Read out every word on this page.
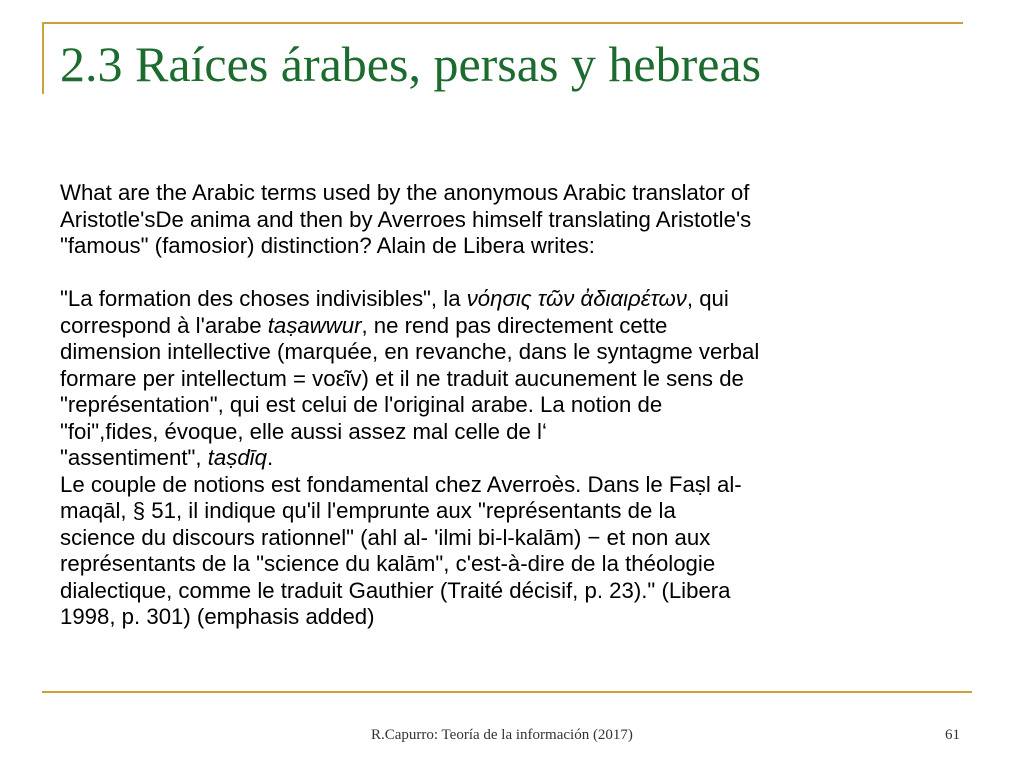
2.3 Raíces árabes, persas y hebreas

What are the Arabic terms used by the anonymous Arabic translator of
Aristotle'sDe anima and then by Averroes himself translating Aristotle's
"famous" (famosior) distinction? Alain de Libera writes:

"La formation des choses indivisibles", la νόησις τῶν ἀδιαιρέτων, qui
correspond à l'arabe taṣawwur, ne rend pas directement cette
dimension intellective (marquée, en revanche, dans le syntagme verbal
formare per intellectum = voεῖv) et il ne traduit aucunement le sens de
"représentation", qui est celui de l'original arabe. La notion de
"foi",fides, évoque, elle aussi assez mal celle de l‘
"assentiment", taṣdīq.

Le couple de notions est fondamental chez Averroès. Dans le Faṣl al-
maqāl, § 51, il indique qu'il l'emprunte aux "représentants de la
science du discours rationnel" (ahl al- 'ilmi bi-l-kalām) − et non aux
représentants de la "science du kalām", c'est-à-dire de la théologie
dialectique, comme le traduit Gauthier (Traité décisif, p. 23)." (Libera
1998, p. 301) (emphasis added)

R.Capurro: Teoría de la información (2017)	61
